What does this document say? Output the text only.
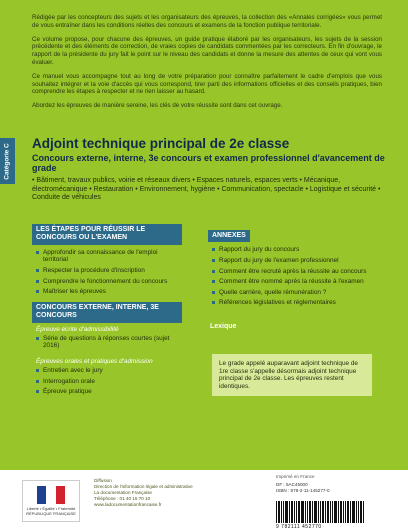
Rédigée par les concepteurs des sujets et les organisateurs des épreuves, la collection des «Annales corrigées» vous permet de vous entraîner dans les conditions réelles des concours et examens de la fonction publique territoriale.

Ce volume propose, pour chacune des épreuves, un guide pratique élaboré par les organisateurs, les sujets de la session précédente et des éléments de correction, de vraies copies de candidats commentées par les correcteurs. En fin d'ouvrage, le rapport de la présidente du jury fait le point sur le niveau des candidats et donne la mesure des attentes de ceux qui vont vous évaluer.

Ce manuel vous accompagne tout au long de votre préparation pour connaître parfaitement le cadre d'emplois que vous souhaitez intégrer et la voie d'accès qui vous correspond, tirer parti des informations officielles et des conseils pratiques, bien comprendre les étapes à respecter et ne rien laisser au hasard.

Abordez les épreuves de manière sereine, les clés de votre réussite sont dans cet ouvrage.

Catégorie C Adjoint technique principal de 2e classe
Concours externe, interne, 3e concours et examen professionnel d'avancement de grade
• Bâtiment, travaux publics, voirie et réseaux divers • Espaces naturels, espaces verts • Mécanique, électromécanique • Restauration • Environnement, hygiène • Communication, spectacle • Logistique et sécurité • Conduite de véhicules
LES ÉTAPES POUR RÉUSSIR LE CONCOURS OU L'EXAMEN
Approfondir sa connaissance de l'emploi territorial
Respecter la procédure d'inscription
Comprendre le fonctionnement du concours
Maîtriser les épreuves
CONCOURS EXTERNE, INTERNE, 3E CONCOURS
Épreuve écrite d'admissibilité
Série de questions à réponses courtes (sujet 2016)
Épreuves orales et pratiques d'admission
Entretien avec le jury
Interrogation orale
Épreuve pratique
ANNEXES
Rapport du jury du concours
Rapport du jury de l'examen professionnel
Comment être recruté après la réussite au concours
Comment être nommé après la réussite à l'examen
Quelle carrière, quelle rémunération ?
Références législatives et réglementaires
Lexique
Le grade appelé auparavant adjoint technique de 1re classe s'appelle désormais adjoint technique principal de 2e classe. Les épreuves restent identiques.
Liberté • Égalité • Fraternité RÉPUBLIQUE FRANÇAISE
Diffusion
Direction de l'information légale et administrative
La documentation Française
Téléphone : 01 40 15 70 10
www.ladocumentationfrancaise.fr
Imprimé en France
DF : 5AC45000
ISBN : 978-2-11-145277-0
9 782111 452770
